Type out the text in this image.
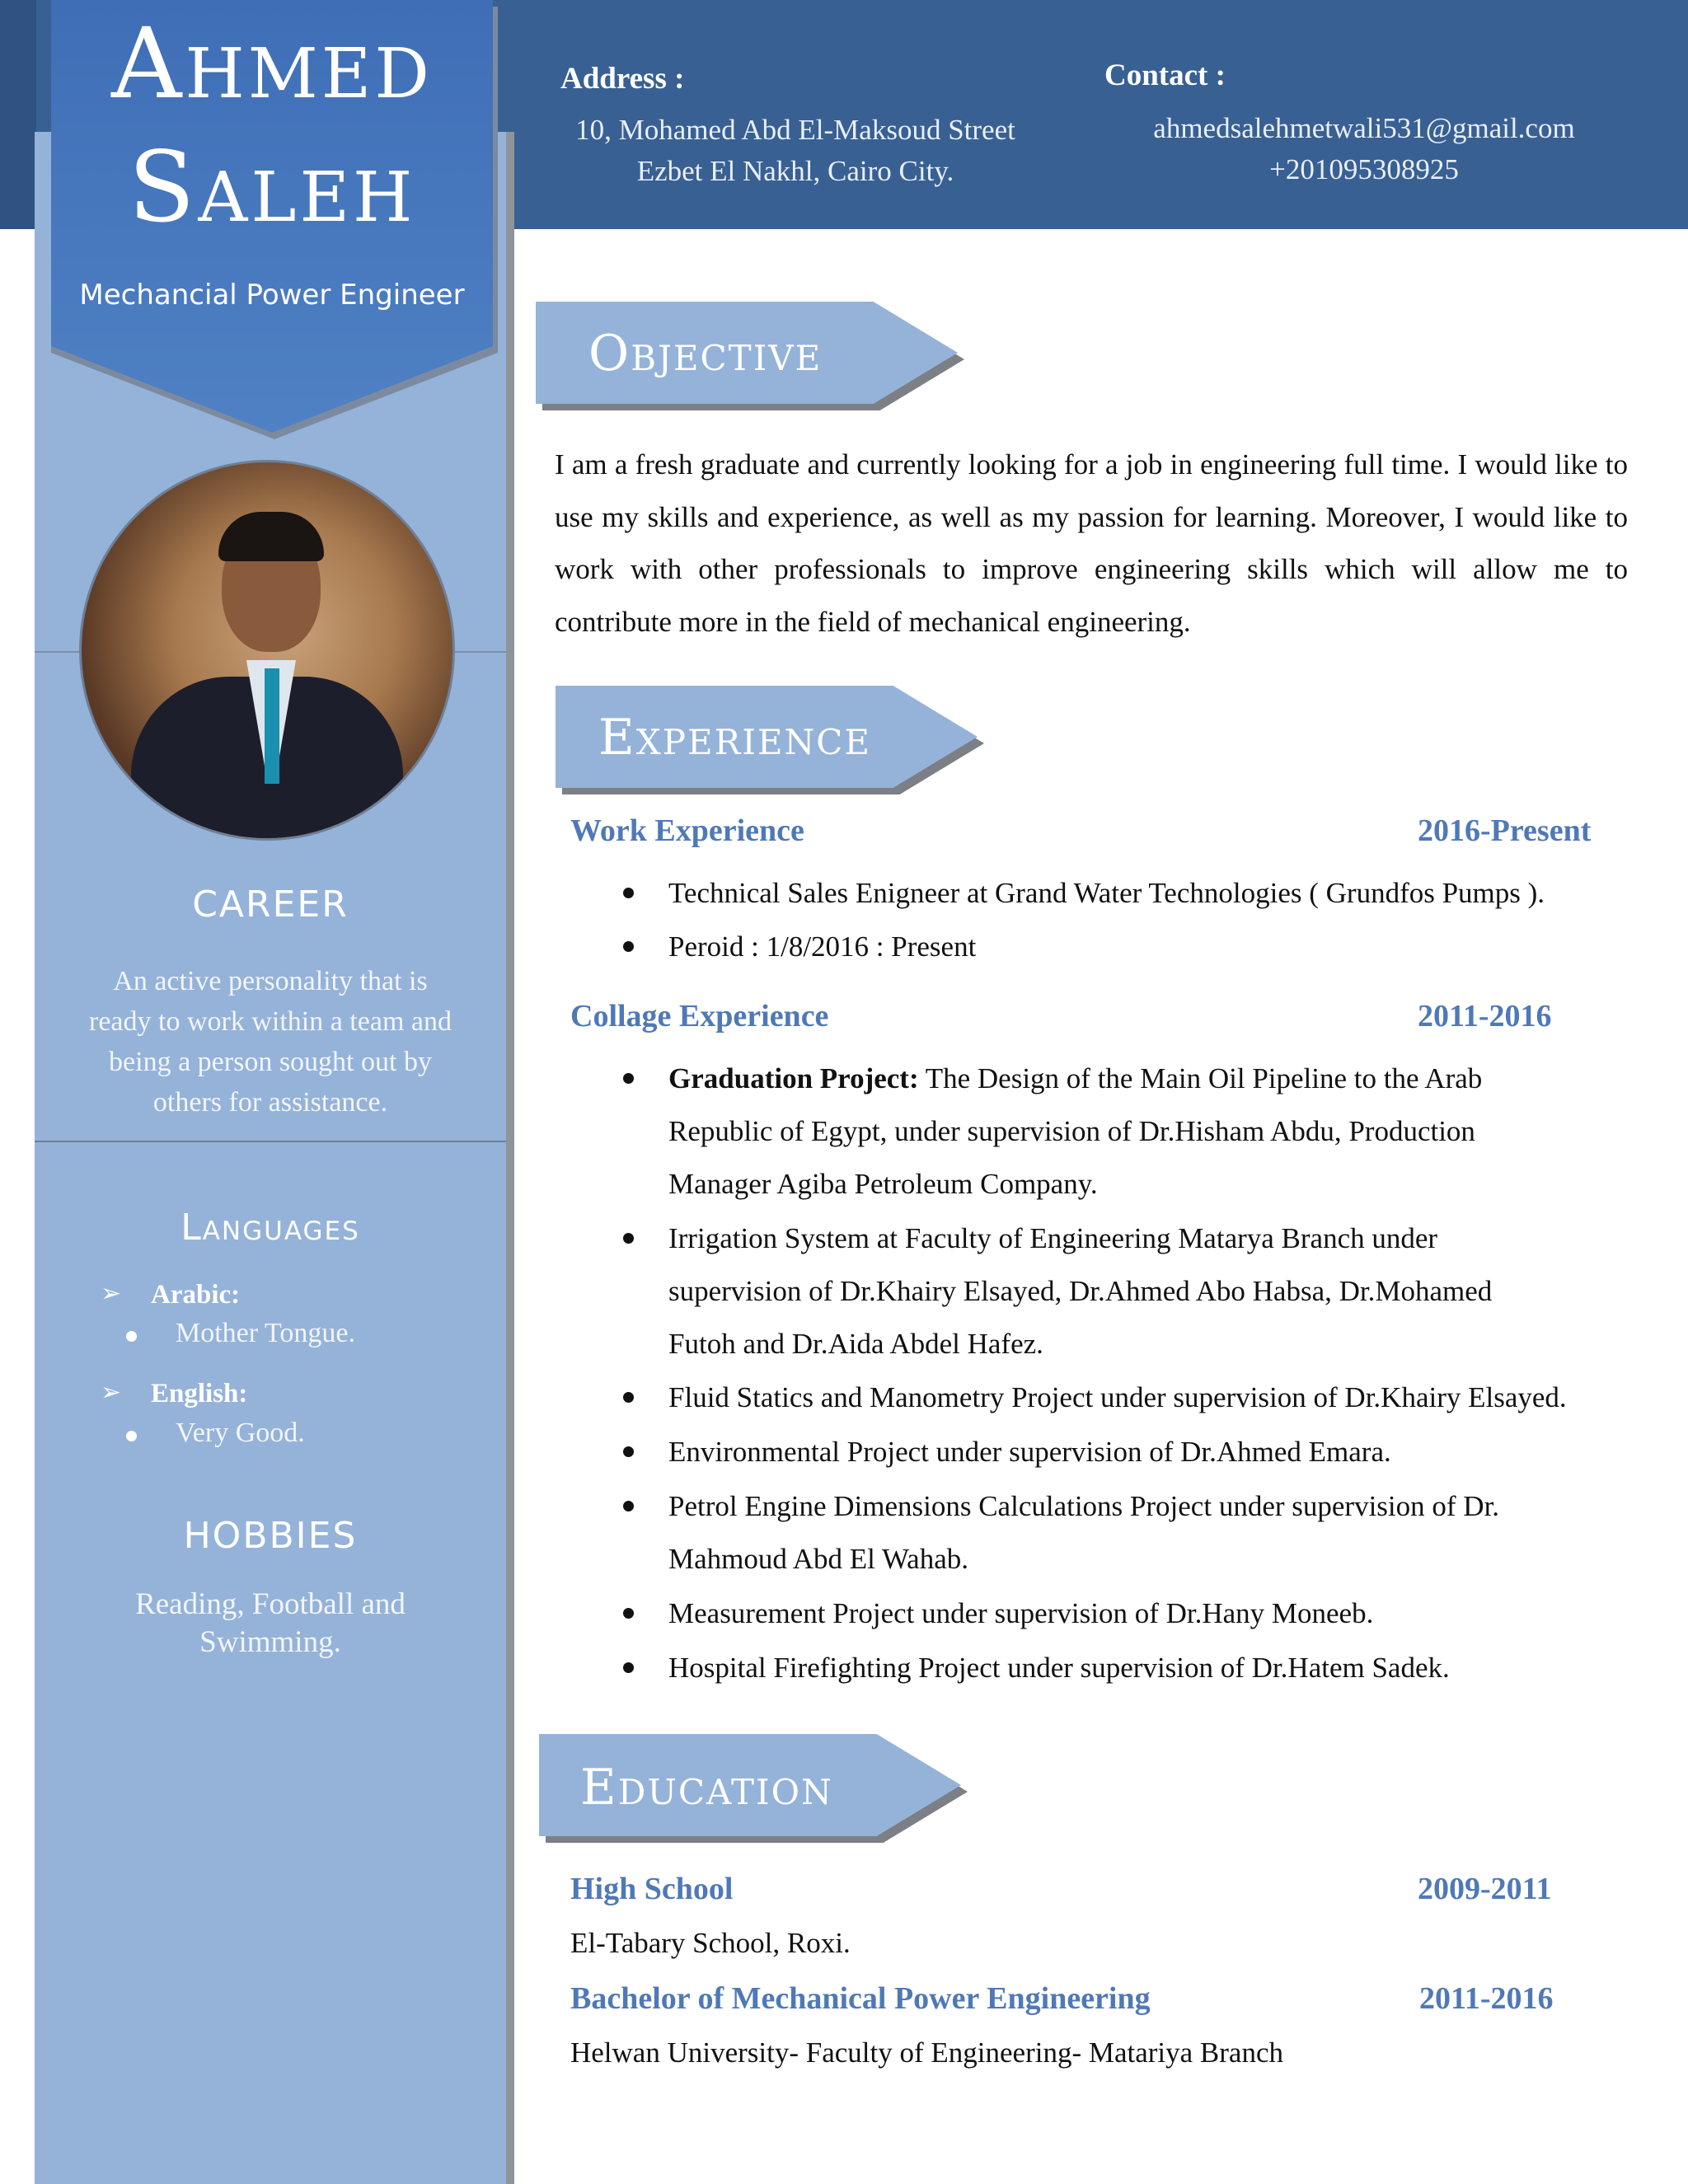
Address :
10, Mohamed Abd El-Maksoud Street
Ezbet El Nakhl, Cairo City.
Contact :
ahmedsalehmetwali531@gmail.com
+201095308925
Ahmed
Saleh
Mechancial Power Engineer
CAREER
An active personality that is
ready to work within a team and
being a person sought out by
others for assistance.
Languages
➢ Arabic:
Mother Tongue.
➢ English:
Very Good.
HOBBIES
Reading, Football and
Swimming.
Objective
I am a fresh graduate and currently looking for a job in engineering full time. I would like to use my skills and experience, as well as my passion for learning. Moreover, I would like to work with other professionals to improve engineering skills which will allow me to contribute more in the field of mechanical engineering.
Experience
Work Experience	2016-Present
Technical Sales Enigneer at Grand Water Technologies ( Grundfos Pumps ).
Peroid : 1/8/2016 : Present
Collage Experience	2011-2016
Graduation Project: The Design of the Main Oil Pipeline to the Arab Republic of Egypt, under supervision of Dr.Hisham Abdu, Production Manager Agiba Petroleum Company.
Irrigation System at Faculty of Engineering Matarya Branch under supervision of Dr.Khairy Elsayed, Dr.Ahmed Abo Habsa, Dr.Mohamed Futoh and Dr.Aida Abdel Hafez.
Fluid Statics and Manometry Project under supervision of Dr.Khairy Elsayed.
Environmental Project under supervision of Dr.Ahmed Emara.
Petrol Engine Dimensions Calculations Project under supervision of Dr. Mahmoud Abd El Wahab.
Measurement Project under supervision of Dr.Hany Moneeb.
Hospital Firefighting Project under supervision of Dr.Hatem Sadek.
Education
High School	2009-2011
El-Tabary School, Roxi.
Bachelor of Mechanical Power Engineering	2011-2016
Helwan University- Faculty of Engineering- Matariya Branch
